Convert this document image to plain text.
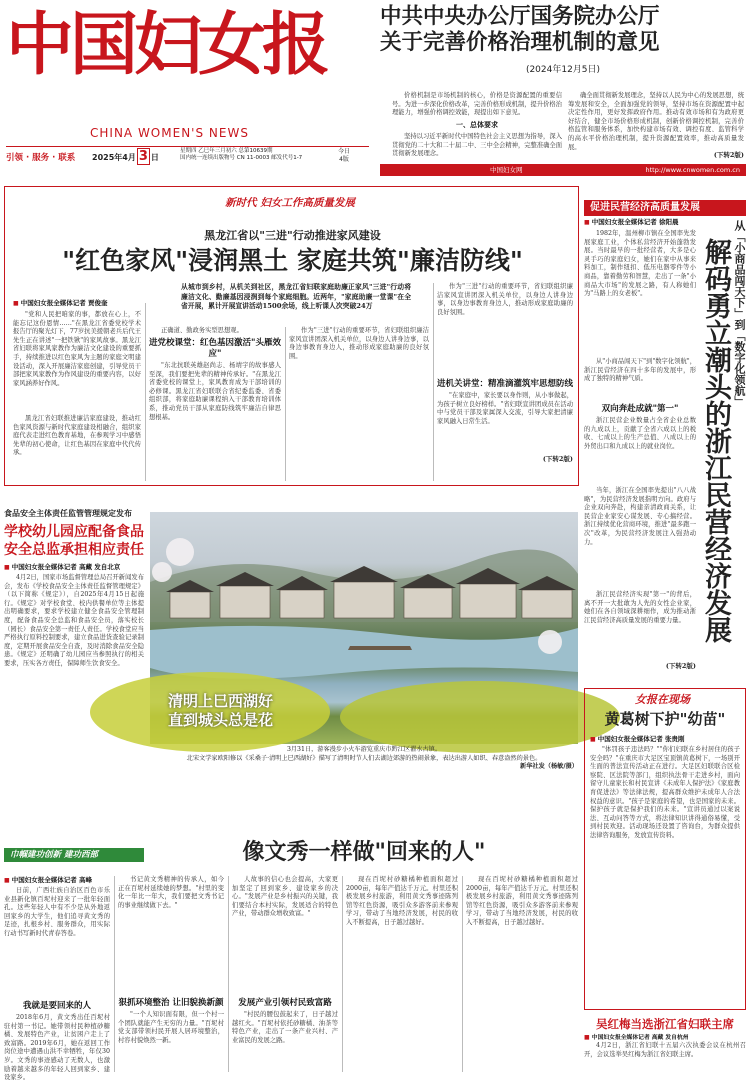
中国妇女报
CHINA WOMEN'S NEWS
引领 · 服务 · 联系 2025年4月 3 日
星期四 乙巳年三月初六 总第10639期
国内统一连续出版物号 CN 11-0003 邮发代号1-7
今日
4版
中共中央办公厅国务院办公厅
关于完善价格治理机制的意见
(2024年12月5日)

价格机制是市场机制的核心，价格是资源配置的重要信号。为进一步深化价格改革，完善价格形成机制，提升价格治理能力，增强价格调控效能，现提出如下意见。

一、总体要求

坚持以习近平新时代中国特色社会主义思想为指导，深入贯彻党的二十大和二十届二中、三中全会精神，完整准确全面贯彻新发展理念。

确全面贯彻新发展理念，坚持以人民为中心的发展思想，统筹发展和安全，全面加强党的领导，坚持市场在资源配置中起决定性作用，更好发挥政府作用。推动有效市场和有为政府更好结合，健全市场价格形成机制，创新价格调控机制，完善价格监管和服务体系，加快构建市场有效、调控有度、监管科学的高水平价格治理机制，提升资源配置效率，推动高质量发展。

(下转2版)
中国妇女网	http://www.cnwomen.com.cn
新时代 妇女工作高质量发展
黑龙江省以"三进"行动推进家风建设
"红色家风"浸润黑土 家庭共筑"廉洁防线"
从城市到乡村，从机关到社区，黑龙江省妇联家庭助廉正家风"三进"行动将廉洁文化、勤廉基因浸润到每个家庭细胞。近两年，"家庭助廉一堂课"在全省开展，累计开展宣讲活动1500余场，线上听课人次突破24万
■ 中国妇女报全媒体记者 贾俊奎

"党和人民把咱家的事，都放在心上，不能忘记这份恩情……"在黑龙江省委党校学术报告厅的聚光灯下，77岁抗美援朝老兵后代王先生正在讲述"一把铁锹"的家风故事。黑龙江省妇联将家风家教作为廉洁文化建设的重要抓手，持续推进以红色家风为主题的家庭文明建设活动，深入开展廉洁家庭创建，引导党员干部把家风家教作为作风建设的重要内容，以好家风涵养好作风。

黑龙江省妇联推进廉洁家庭建设，推动红色家风资源与新时代家庭建设相融合，组织家庭代表走进红色教育基地，在参观学习中感悟先辈的初心使命，让红色基因在家庭中代代传承。

正确道、勤政务实型思想观。

进党校课堂：红色基因激活"头雁效应"

"东北抗联英雄赵尚志、杨靖宇的故事感人至深，我们要把先辈的精神传承好。"在黑龙江省委党校的课堂上，家风教育成为干部培训的必修课。黑龙江省妇联联合省纪委监委、省委组织部，将家庭助廉课程纳入干部教育培训体系，推动党员干部从家庭防线筑牢廉洁自律思想根基。

作为"三进"行动的重要环节，省妇联组织廉洁家风宣讲团深入机关单位，以身边人讲身边事，以身边事教育身边人，推动形成家庭助廉的良好氛围。

作为"三进"行动的重要环节，省妇联组织廉洁家风宣讲团深入机关单位，以身边人讲身边事，以身边事教育身边人，推动形成家庭助廉的良好氛围。

进机关讲堂：精准滴灌筑牢思想防线

"在家庭中，家长要以身作则，从小事做起，为孩子树立良好榜样。"省妇联宣讲团成员在活动中与党员干部及家属深入交流，引导大家把清廉家风融入日常生活。

(下转2版)
促进民营经济高质量发展
■ 中国妇女报全媒体记者 徐阳晨

1982年，温州柳市镇在全国率先发展家庭工业，个体私营经济开始蓬勃发展。当时最早的一批经营者，大多是心灵手巧的家庭妇女，她们在家中从事来料加工，制作纽扣、低压电器零件等小商品，靠着勤劳和智慧，走出了一条"小商品大市场"的发展之路，有人称她们为"马路上的女老板"。

从"小商品闯天下"到"数字化领航"，浙江民营经济在四十多年的发展中，形成了独特的精神气质。

双向奔赴成就"第一"

浙江民营企业数量占全省企业总数的九成以上，贡献了全省六成以上的税收、七成以上的生产总值、八成以上的外贸出口和九成以上的就业岗位。

当年，浙江在全国率先提出"八八战略"，为民营经济发展指明方向。政府与企业双向奔赴，构建亲清政商关系，让民营企业家安心谋发展、专心搞经营。浙江持续优化营商环境，推进"最多跑一次"改革，为民营经济发展注入强劲动力。

浙江民营经济实现"第一"的背后，离不开一大批敢为人先的女性企业家，她们在各自领域深耕细作，成为推动浙江民营经济高质量发展的重要力量。

(下转2版)
解码勇立潮头的浙江民营经济发展 从「小商品闯天下」到「数字化领航」
食品安全主体责任监管管理规定发布
学校幼儿园应配备食品
安全总监承担相应责任
■ 中国妇女报全媒体记者 高藏 发自北京

4月2日，国家市场监督管理总局召开新闻发布会，发布《学校食品安全主体责任监督管理规定》（以下简称《规定》），自2025年4月15日起施行。《规定》对学校食堂、校内供餐单位等主体提出明确要求，要求学校建立健全食品安全管理制度，配备食品安全总监和食品安全员，落实校长（园长）食品安全第一责任人责任。学校食堂应当严格执行原料控制要求，建立食品进货查验记录制度，定期开展食品安全自查，及时消除食品安全隐患。《规定》还明确了幼儿园应当参照执行的相关要求，压实各方责任，保障师生饮食安全。

清明上巳西湖好
直到城头总是花
3月31日，游客漫步小火车游览重庆市黔江区濯水古镇。
北宋文学家欧阳修以《采桑子·清明上巳西湖好》描写了清明时节人们去湖边郊游的热闹景象，表达出游人如织、春意盎然的景色。
新华社发（杨敏/摄）
女报在现场
黄葛树下护"幼苗"
■ 中国妇女报全媒体记者 张贵刚

"体罚孩子违法吗？""你们妇联在乡村居住的孩子安全吗？"在重庆市大足区宝顶镇黄葛树下，一场别开生面的普法宣传活动正在进行。大足区妇联联合区检察院、区法院等部门，组织执法骨干走进乡村，面向留守儿童家长和村民宣讲《未成年人保护法》《家庭教育促进法》等法律法规，提高群众维护未成年人合法权益的意识。"孩子是家庭的希望，也是国家的未来。保护孩子就是保护我们的未来。"宣讲员通过以案说法、互动问答等方式，将法律知识讲得通俗易懂，受到村民欢迎。活动现场还设置了咨询台，为群众提供法律咨询服务，发放宣传资料。

巾帼建功创新 建功西部	像文秀一样做"回来的人"
■ 中国妇女报全媒体记者 高峰

日前，广西壮族自治区百色市乐业县新化镇百坭村迎来了一批年轻面孔。这些年轻人中有不少是从外地返回家乡的大学生，他们追寻黄文秀的足迹，扎根乡村、服务群众，用实际行动书写新时代青春答卷。

我就是要回来的人

2018年6月，黄文秀出任百坭村驻村第一书记。她带领村民种植砂糖橘、发展特色产业，让贫困户走上了致富路。2019年6月，她在返回工作岗位途中遭遇山洪不幸牺牲，年仅30岁。文秀的事迹感动了无数人，也激励着越来越多的年轻人回到家乡、建设家乡。

书记黄文秀精神的传承人，如今正在百坭村延续她的梦想。"村里的变化一年比一年大，我们要把文秀书记的事业继续做下去。"

狠抓环境整治 让旧貌换新颜

"一个人知识面有限，但一个村一个团队就能产生无穷的力量。"百坭村党支部带领村民开展人居环境整治，村容村貌焕然一新。

人故事的信心也会提高，大家更加坚定了回到家乡、建设家乡的决心。"发展产业是乡村振兴的关键，我们要结合本村实际，发展适合的特色产业，带动群众增收致富。"

发展产业引领村民致富路

"村民的腰包鼓起来了，日子越过越红火。"百坭村依托砂糖橘、油茶等特色产业，走出了一条产业兴村、产业富民的发展之路。

现在百坭村砂糖橘种植面积超过2000亩，每年产值达千万元。村里还积极发展乡村旅游，利用黄文秀事迹陈列馆等红色资源，吸引众多游客前来参观学习，带动了当地经济发展，村民的收入不断提高，日子越过越好。

现在百坭村砂糖橘种植面积超过2000亩，每年产值达千万元。村里还积极发展乡村旅游，利用黄文秀事迹陈列馆等红色资源，吸引众多游客前来参观学习，带动了当地经济发展，村民的收入不断提高，日子越过越好。

吴红梅当选浙江省妇联主席
■ 中国妇女报全媒体记者 高藏 发自杭州

4月2日，浙江省妇联十五届六次执委会议在杭州召开，会议选举吴红梅为浙江省妇联主席。
